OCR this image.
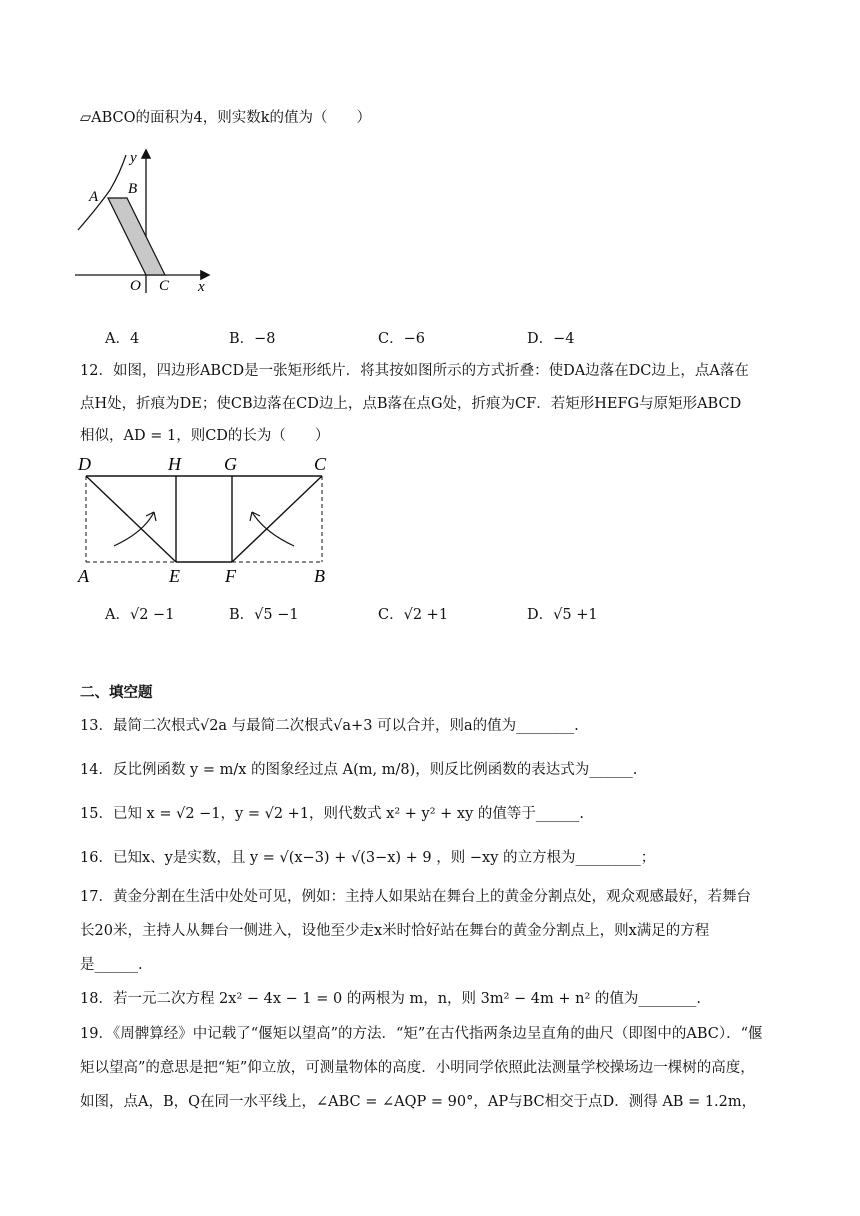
▱ABCO的面积为4，则实数k的值为（　　）
A B
O C x
y
A．4	B．−8	C．−6	D．−4
12．如图，四边形ABCD是一张矩形纸片．将其按如图所示的方式折叠：使DA边落在DC边上，点A落在
点H处，折痕为DE；使CB边落在CD边上，点B落在点G处，折痕为CF．若矩形HEFG与原矩形ABCD
相似，AD = 1，则CD的长为（　　）
D	H G	C
A	E	F	B
A．√2 −1	B．√5 −1	C．√2 +1	D．√5 +1
二、填空题
13．最简二次根式√2a 与最简二次根式√a+3 可以合并，则a的值为________.
14．反比例函数 y = m/x 的图象经过点 A(m, m/8)，则反比例函数的表达式为______.
15．已知 x = √2 −1，y = √2 +1，则代数式 x² + y² + xy 的值等于______.
16．已知x、y是实数，且 y = √(x−3) + √(3−x) + 9 ，则 −xy 的立方根为_________；
17．黄金分割在生活中处处可见，例如：主持人如果站在舞台上的黄金分割点处，观众观感最好，若舞台
长20米，主持人从舞台一侧进入，设他至少走x米时恰好站在舞台的黄金分割点上，则x满足的方程
是______.
18．若一元二次方程 2x² − 4x − 1 = 0 的两根为 m，n，则 3m² − 4m + n² 的值为________.
19．《周髀算经》中记载了“偃矩以望高”的方法．“矩”在古代指两条边呈直角的曲尺（即图中的ABC）．“偃
矩以望高”的意思是把“矩”仰立放，可测量物体的高度．小明同学依照此法测量学校操场边一棵树的高度，
如图，点A，B，Q在同一水平线上，∠ABC = ∠AQP = 90°，AP与BC相交于点D．测得 AB = 1.2m，
